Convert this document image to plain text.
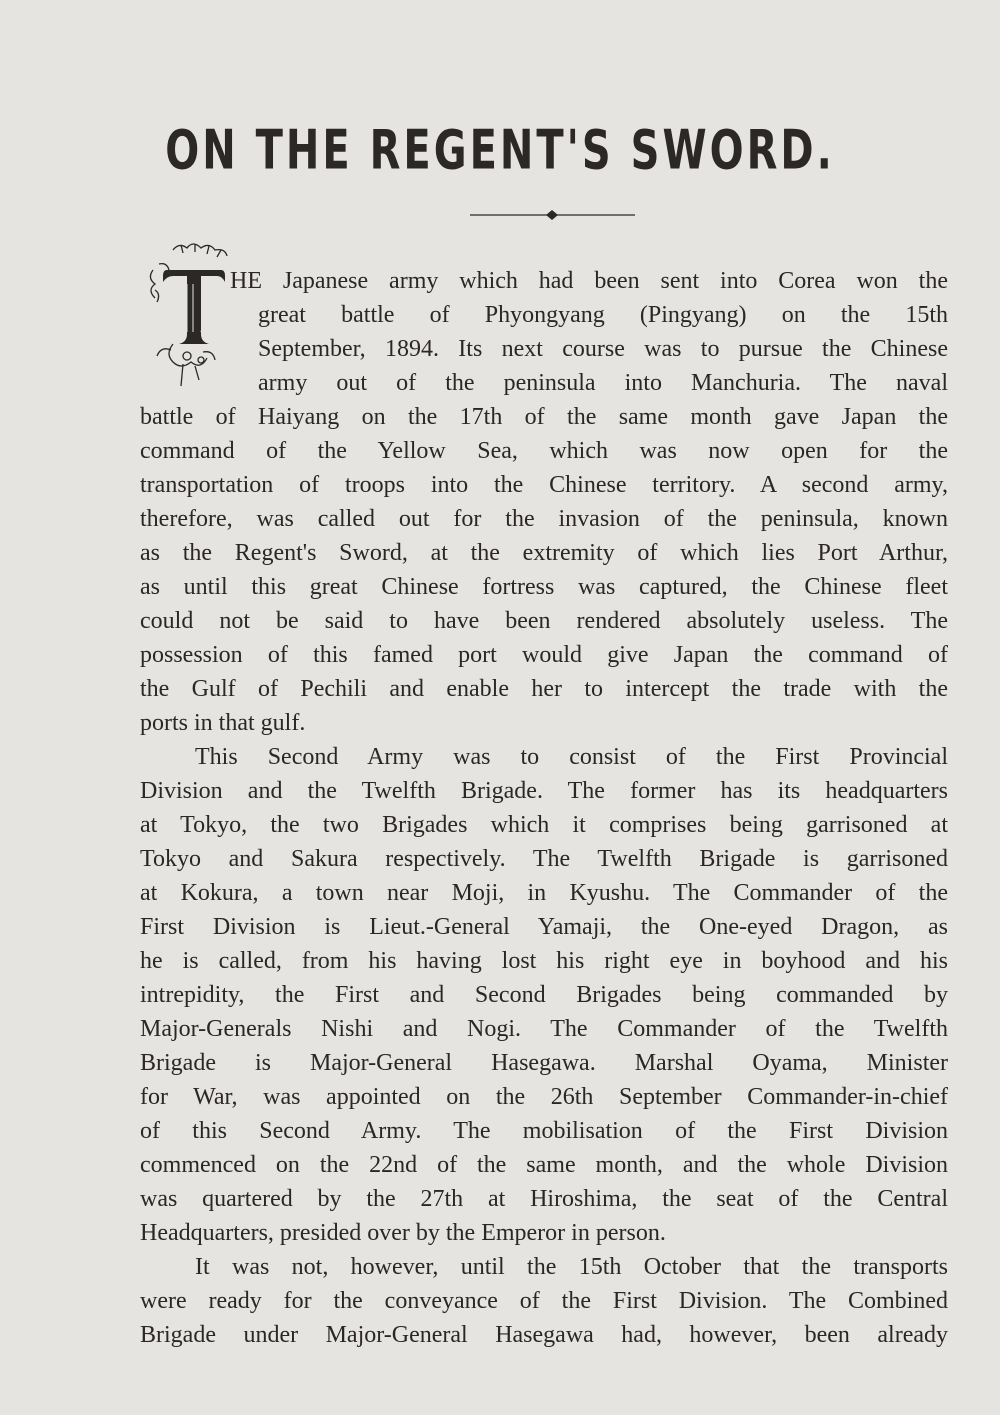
ON THE REGENT'S SWORD.
HE Japanese army which had been sent into Corea won the
great battle of Phyongyang (Pingyang) on the 15th
September, 1894. Its next course was to pursue the Chinese
army out of the peninsula into Manchuria. The naval
battle of Haiyang on the 17th of the same month gave Japan the
command of the Yellow Sea, which was now open for the
transportation of troops into the Chinese territory. A second army,
therefore, was called out for the invasion of the peninsula, known
as the Regent's Sword, at the extremity of which lies Port Arthur,
as until this great Chinese fortress was captured, the Chinese fleet
could not be said to have been rendered absolutely useless. The
possession of this famed port would give Japan the command of
the Gulf of Pechili and enable her to intercept the trade with the
ports in that gulf.
This Second Army was to consist of the First Provincial
Division and the Twelfth Brigade. The former has its headquarters
at Tokyo, the two Brigades which it comprises being garrisoned at
Tokyo and Sakura respectively. The Twelfth Brigade is garrisoned
at Kokura, a town near Moji, in Kyushu. The Commander of the
First Division is Lieut.-General Yamaji, the One-eyed Dragon, as
he is called, from his having lost his right eye in boyhood and his
intrepidity, the First and Second Brigades being commanded by
Major-Generals Nishi and Nogi. The Commander of the Twelfth
Brigade is Major-General Hasegawa. Marshal Oyama, Minister
for War, was appointed on the 26th September Commander-in-chief
of this Second Army. The mobilisation of the First Division
commenced on the 22nd of the same month, and the whole Division
was quartered by the 27th at Hiroshima, the seat of the Central
Headquarters, presided over by the Emperor in person.
It was not, however, until the 15th October that the transports
were ready for the conveyance of the First Division. The Combined
Brigade under Major-General Hasegawa had, however, been already
